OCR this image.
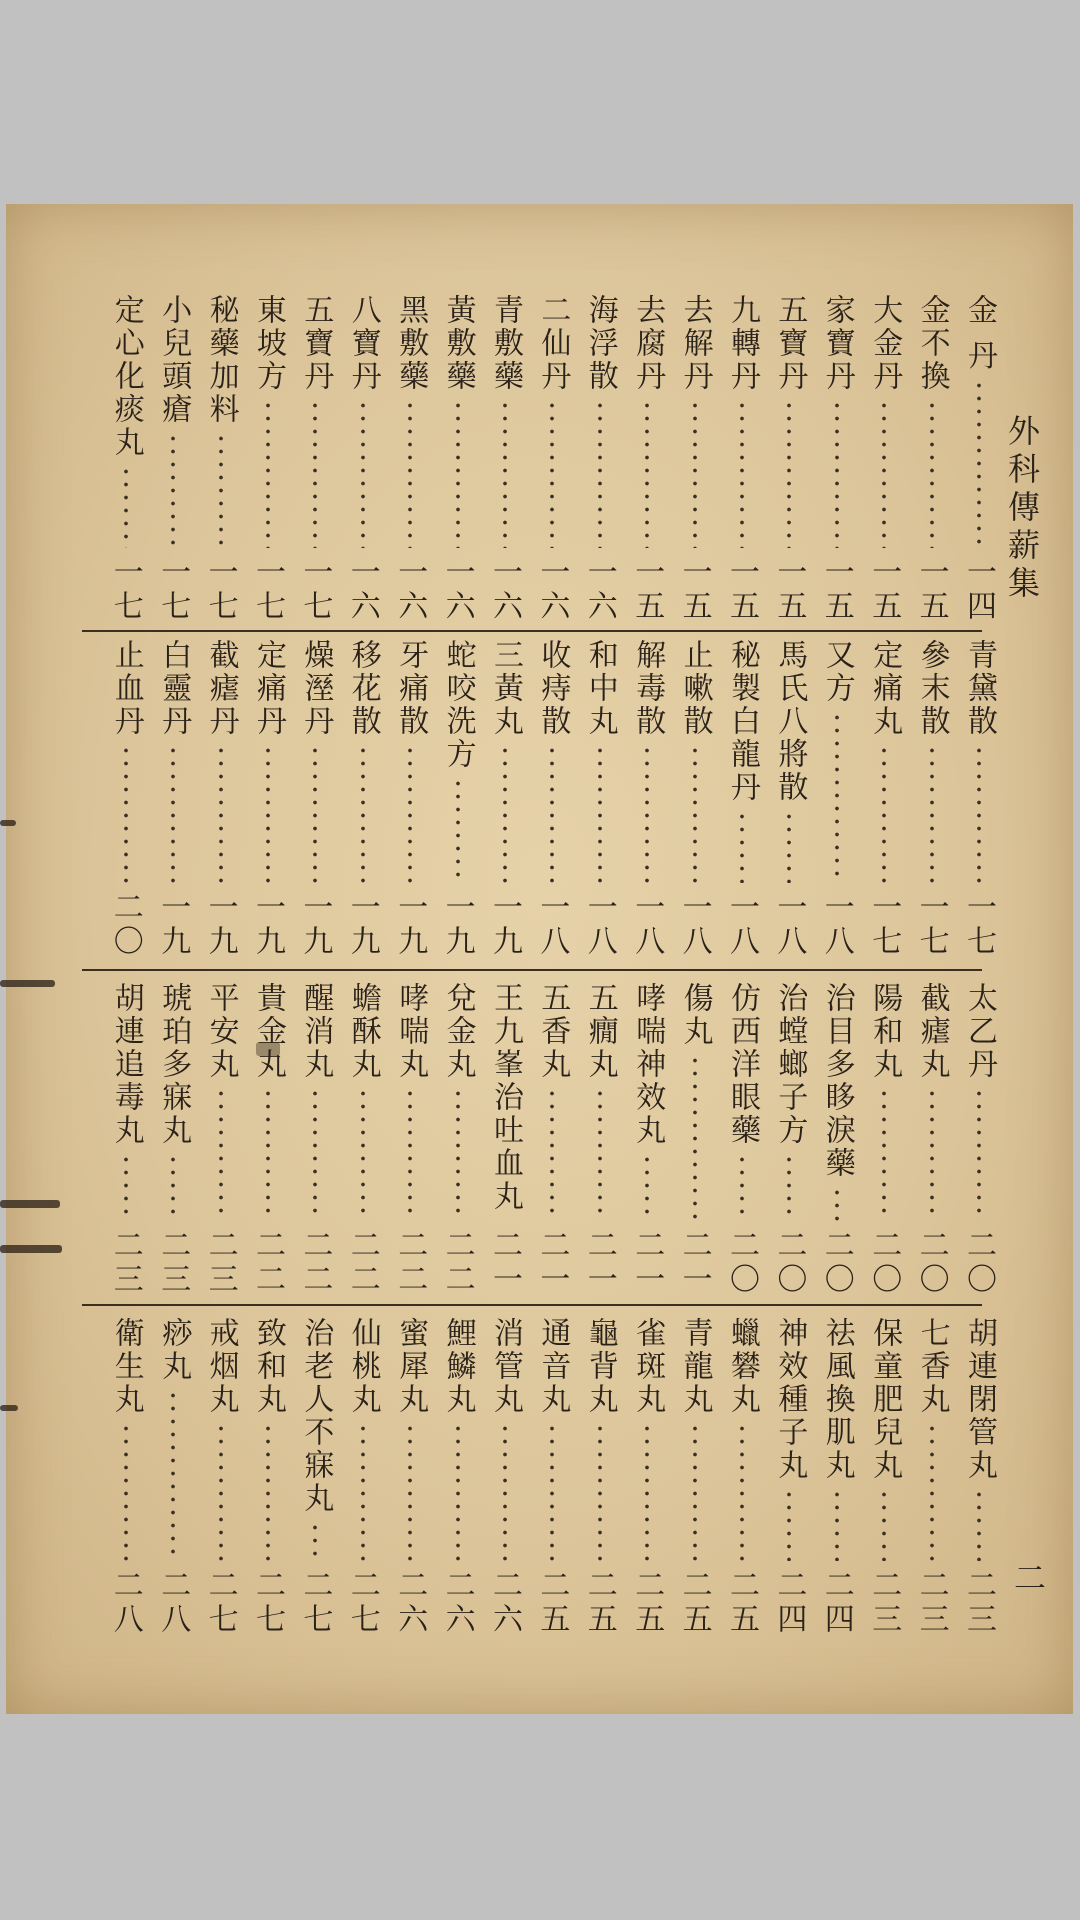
外科傳薪集
二
金 丹
一四
金不換
一五
大金丹
一五
家寶丹
一五
五寶丹
一五
九轉丹
一五
去解丹
一五
去腐丹
一五
海浮散
一六
二仙丹
一六
青敷藥
一六
黃敷藥
一六
黑敷藥
一六
八寶丹
一六
五寶丹
一七
東坡方
一七
秘藥加料
一七
小兒頭瘡
一七
定心化痰丸
一七
青黛散
一七
參末散
一七
定痛丸
一七
又方
一八
馬氏八將散
一八
秘製白龍丹
一八
止嗽散
一八
解毒散
一八
和中丸
一八
收痔散
一八
三黃丸
一九
蛇咬洗方
一九
牙痛散
一九
移花散
一九
燥溼丹
一九
定痛丹
一九
截瘧丹
一九
白靈丹
一九
止血丹
二〇
太乙丹
二〇
截瘧丸
二〇
陽和丸
二〇
治目多眵淚藥
二〇
治螳螂子方
二〇
仿西洋眼藥
二〇
傷丸
二一
哮喘神效丸
二一
五癇丸
二一
五香丸
二一
王九峯治吐血丸
二一
兌金丸
二二
哮喘丸
二二
蟾酥丸
二二
醒消丸
二二
貴金丸
二二
平安丸
二三
琥珀多寐丸
二三
胡連追毒丸
二三
胡連閉管丸
二三
七香丸
二三
保童肥兒丸
二三
祛風換肌丸
二四
神效種子丸
二四
蠟礬丸
二五
青龍丸
二五
雀斑丸
二五
龜背丸
二五
通音丸
二五
消管丸
二六
鯉鱗丸
二六
蜜犀丸
二六
仙桃丸
二七
治老人不寐丸
二七
致和丸
二七
戒烟丸
二七
痧丸
二八
衛生丸
二八
